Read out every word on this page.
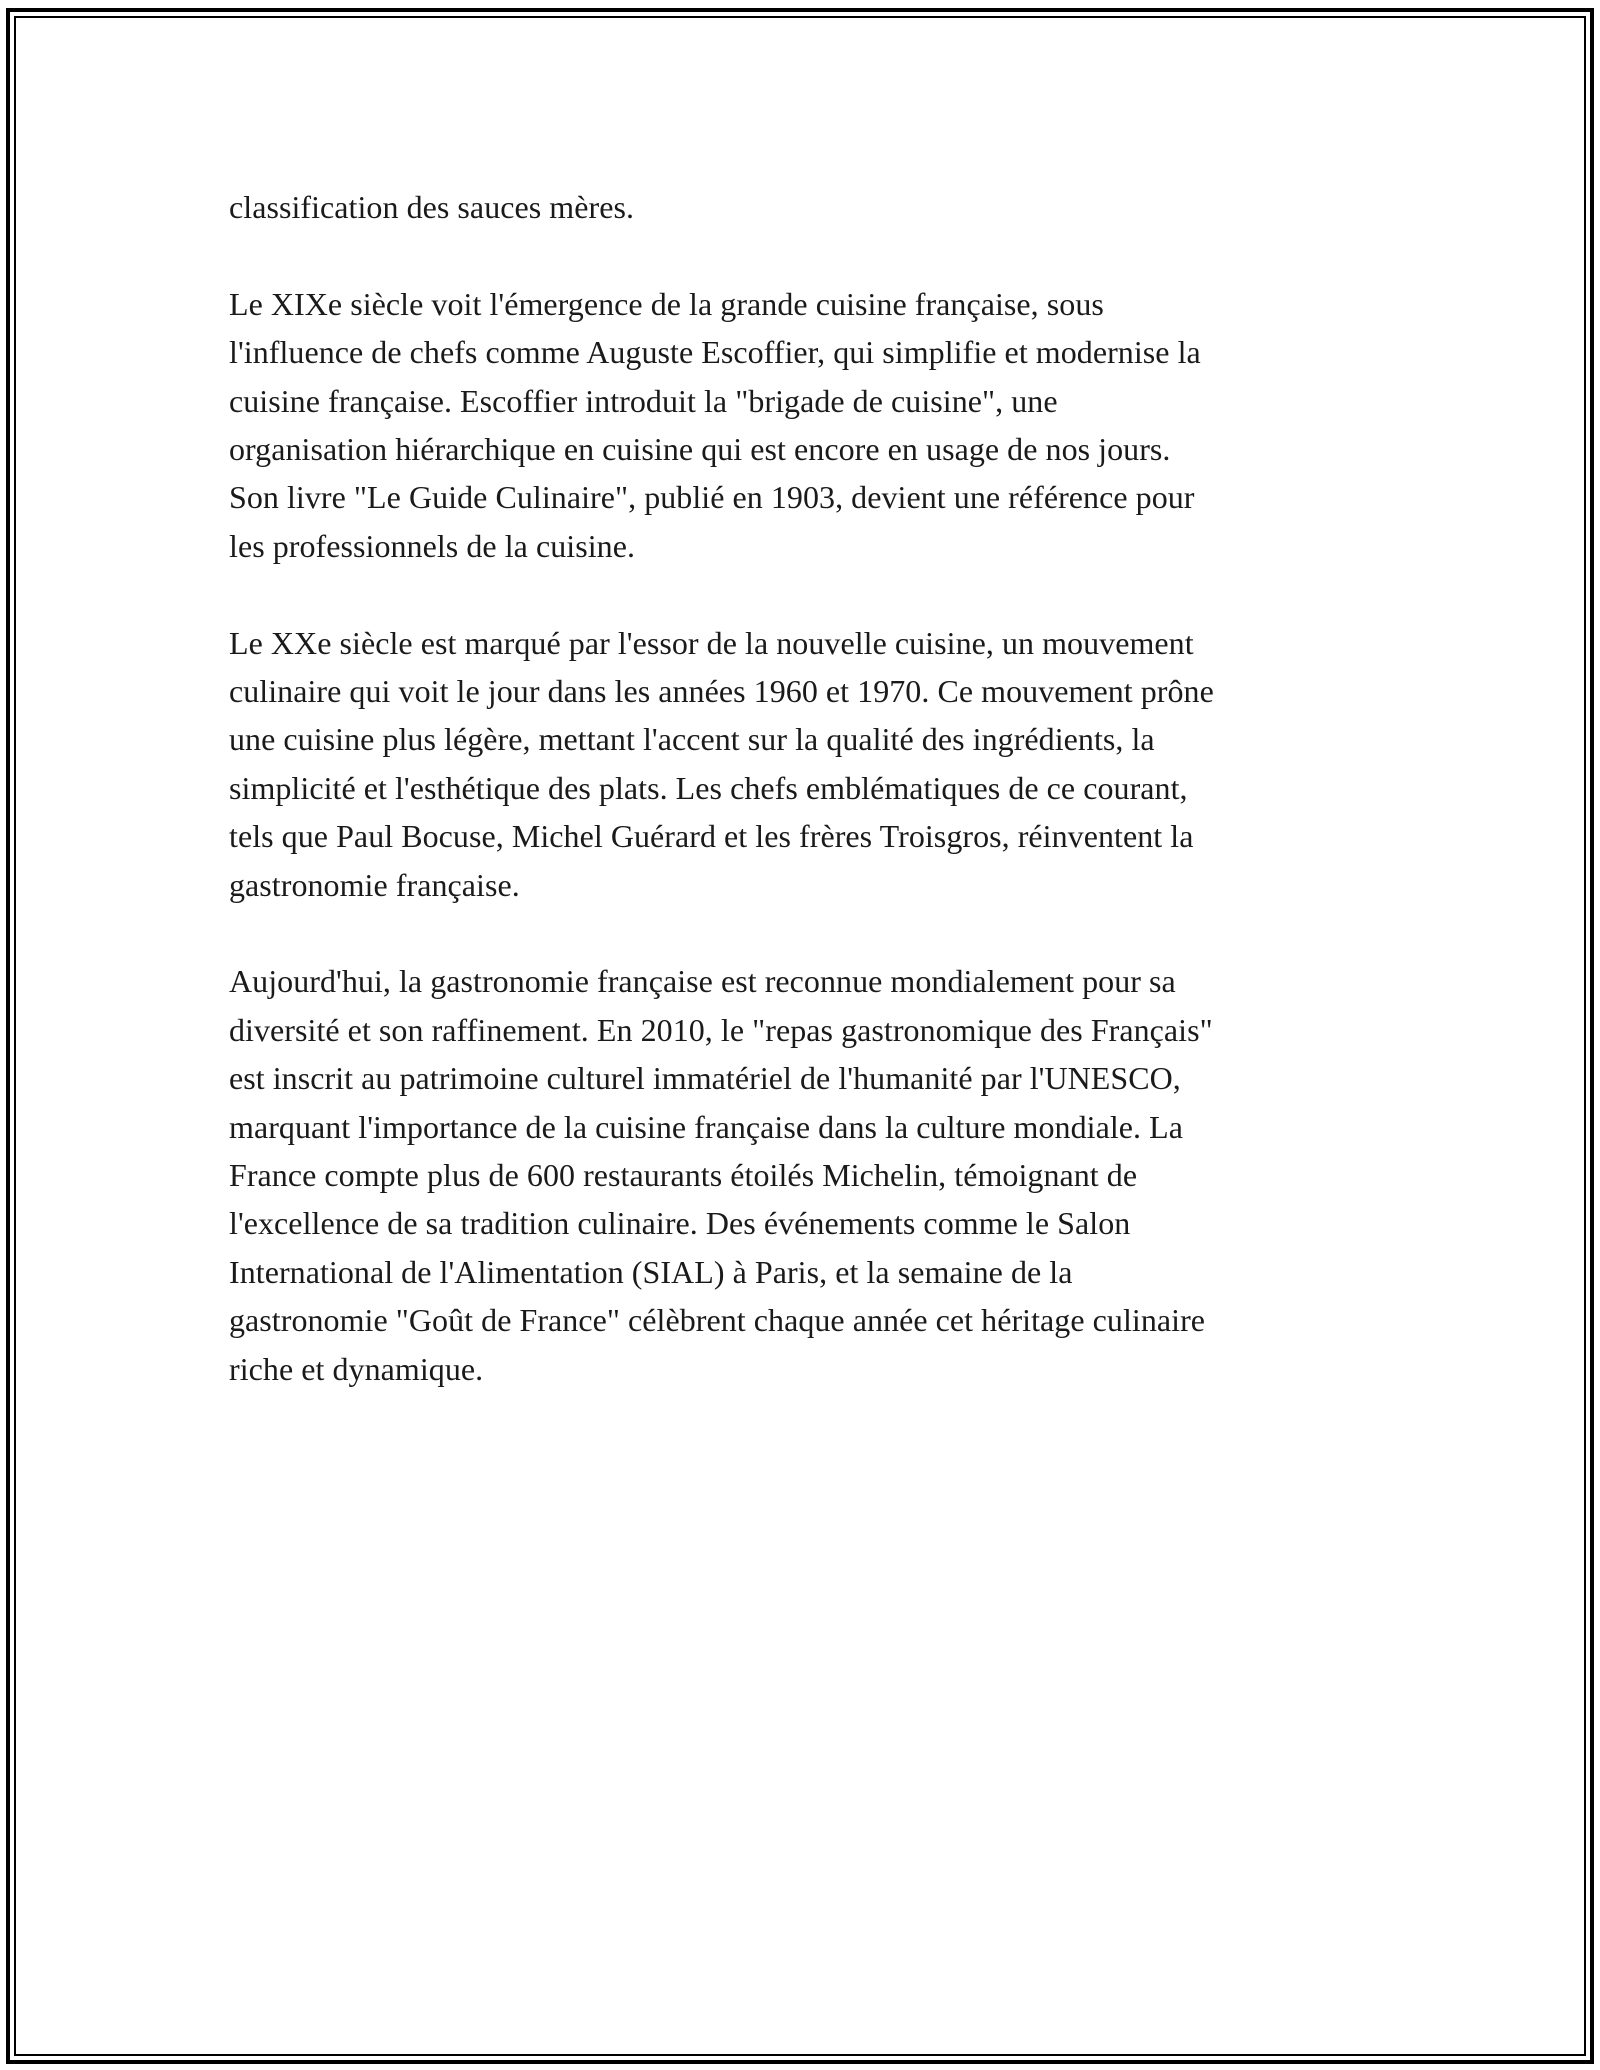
classification des sauces mères.

Le XIXe siècle voit l'émergence de la grande cuisine française, sous
l'influence de chefs comme Auguste Escoffier, qui simplifie et modernise la
cuisine française. Escoffier introduit la "brigade de cuisine", une
organisation hiérarchique en cuisine qui est encore en usage de nos jours.
Son livre "Le Guide Culinaire", publié en 1903, devient une référence pour
les professionnels de la cuisine.

Le XXe siècle est marqué par l'essor de la nouvelle cuisine, un mouvement
culinaire qui voit le jour dans les années 1960 et 1970. Ce mouvement prône
une cuisine plus légère, mettant l'accent sur la qualité des ingrédients, la
simplicité et l'esthétique des plats. Les chefs emblématiques de ce courant,
tels que Paul Bocuse, Michel Guérard et les frères Troisgros, réinventent la
gastronomie française.

Aujourd'hui, la gastronomie française est reconnue mondialement pour sa
diversité et son raffinement. En 2010, le "repas gastronomique des Français"
est inscrit au patrimoine culturel immatériel de l'humanité par l'UNESCO,
marquant l'importance de la cuisine française dans la culture mondiale. La
France compte plus de 600 restaurants étoilés Michelin, témoignant de
l'excellence de sa tradition culinaire. Des événements comme le Salon
International de l'Alimentation (SIAL) à Paris, et la semaine de la
gastronomie "Goût de France" célèbrent chaque année cet héritage culinaire
riche et dynamique.
